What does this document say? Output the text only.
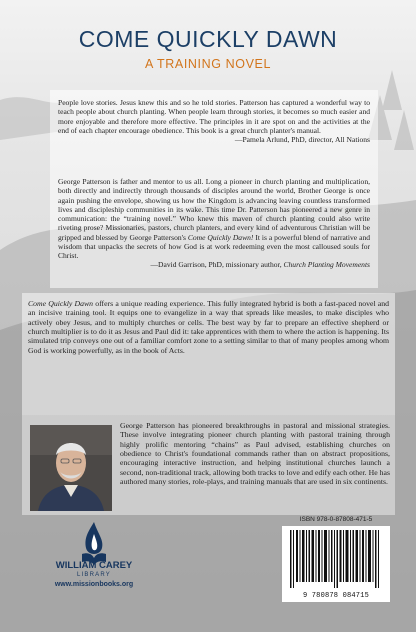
COME QUICKLY DAWN
A TRAINING NOVEL

People love stories. Jesus knew this and so he told stories. Patterson has captured a wonderful way to teach people about church planting. When people learn through stories, it becomes so much easier and more enjoyable and therefore more effective. The principles in it are spot on and the activities at the end of each chapter encourage obedience. This book is a great church planter's manual.

—Pamela Arlund, PhD, director, All Nations

George Patterson is father and mentor to us all. Long a pioneer in church planting and multiplication, both directly and indirectly through thousands of disciples around the world, Brother George is once again pushing the envelope, showing us how the Kingdom is advancing leaving countless transformed lives and discipleship communities in its wake. This time Dr. Patterson has pioneered a new genre in communication: the “training novel.” Who knew this maven of church planting could also write riveting prose? Missionaries, pastors, church planters, and every kind of adventurous Christian will be gripped and blessed by George Patterson's Come Quickly Dawn! It is a powerful blend of narrative and wisdom that unpacks the secrets of how God is at work redeeming even the most calloused souls for Christ.

—David Garrison, PhD, missionary author, Church Planting Movements

Come Quickly Dawn offers a unique reading experience. This fully integrated hybrid is both a fast-paced novel and an incisive training tool. It equips one to evangelize in a way that spreads like measles, to make disciples who actively obey Jesus, and to multiply churches or cells. The best way by far to prepare an effective shepherd or church multiplier is to do it as Jesus and Paul did it: take apprentices with them to where the action is happening. Its simulated trip conveys one out of a familiar comfort zone to a setting similar to that of many peoples among whom God is working powerfully, as in the book of Acts.
George Patterson has pioneered breakthroughs in pastoral and missional strategies. These involve integrating pioneer church planting with pastoral training through highly prolific mentoring “chains” as Paul advised, establishing churches on obedience to Christ's foundational commands rather than on abstract propositions, encouraging interactive instruction, and helping institutional churches launch a second, non-traditional track, allowing both tracks to love and edify each other. He has authored many stories, role-plays, and training manuals that are used in six continents.
WILLIAM CAREY
LIBRARY
www.missionbooks.org
ISBN 978-0-87808-471-5
9 780878 084715
